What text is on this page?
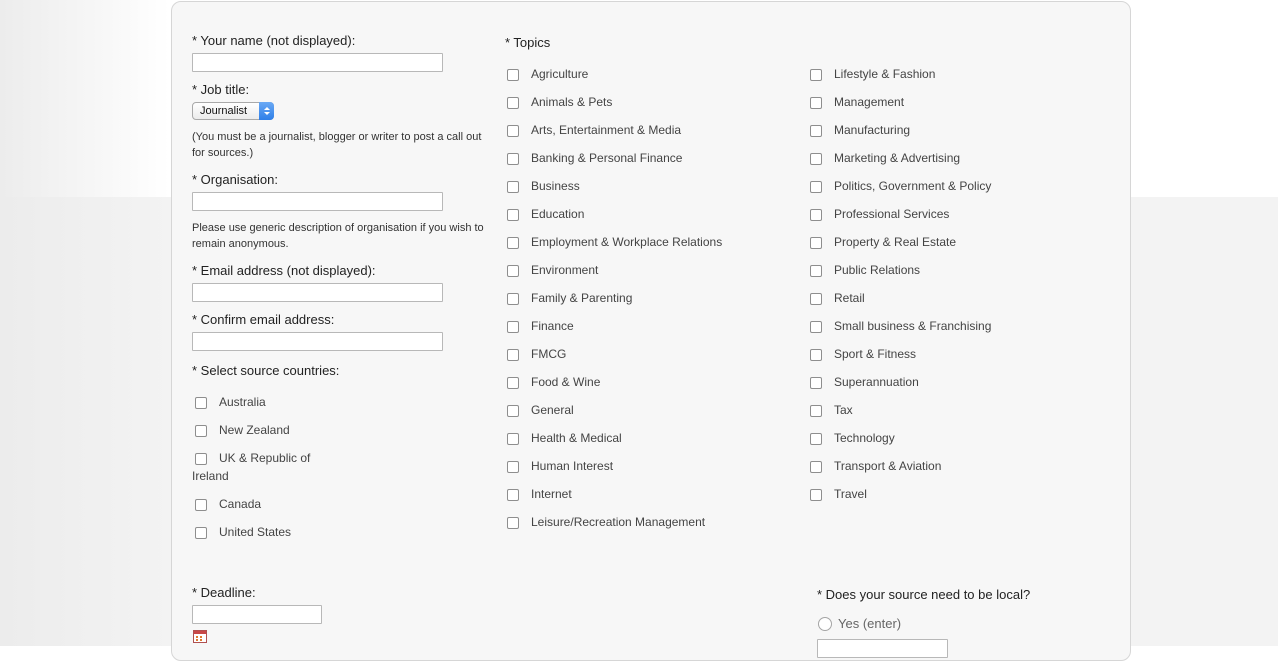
* Your name (not displayed):
* Job title:
Journalist
(You must be a journalist, blogger or writer to post a call out
for sources.)
* Organisation:
Please use generic description of organisation if you wish to
remain anonymous.
* Email address (not displayed):
* Confirm email address:
* Select source countries:
Australia
New Zealand
UK & Republic of
Ireland
Canada
United States
* Deadline:
* Topics
Agriculture
Animals & Pets
Arts, Entertainment & Media
Banking & Personal Finance
Business
Education
Employment & Workplace Relations
Environment
Family & Parenting
Finance
FMCG
Food & Wine
General
Health & Medical
Human Interest
Internet
Leisure/Recreation Management
Lifestyle & Fashion
Management
Manufacturing
Marketing & Advertising
Politics, Government & Policy
Professional Services
Property & Real Estate
Public Relations
Retail
Small business & Franchising
Sport & Fitness
Superannuation
Tax
Technology
Transport & Aviation
Travel
* Does your source need to be local?
Yes (enter)
